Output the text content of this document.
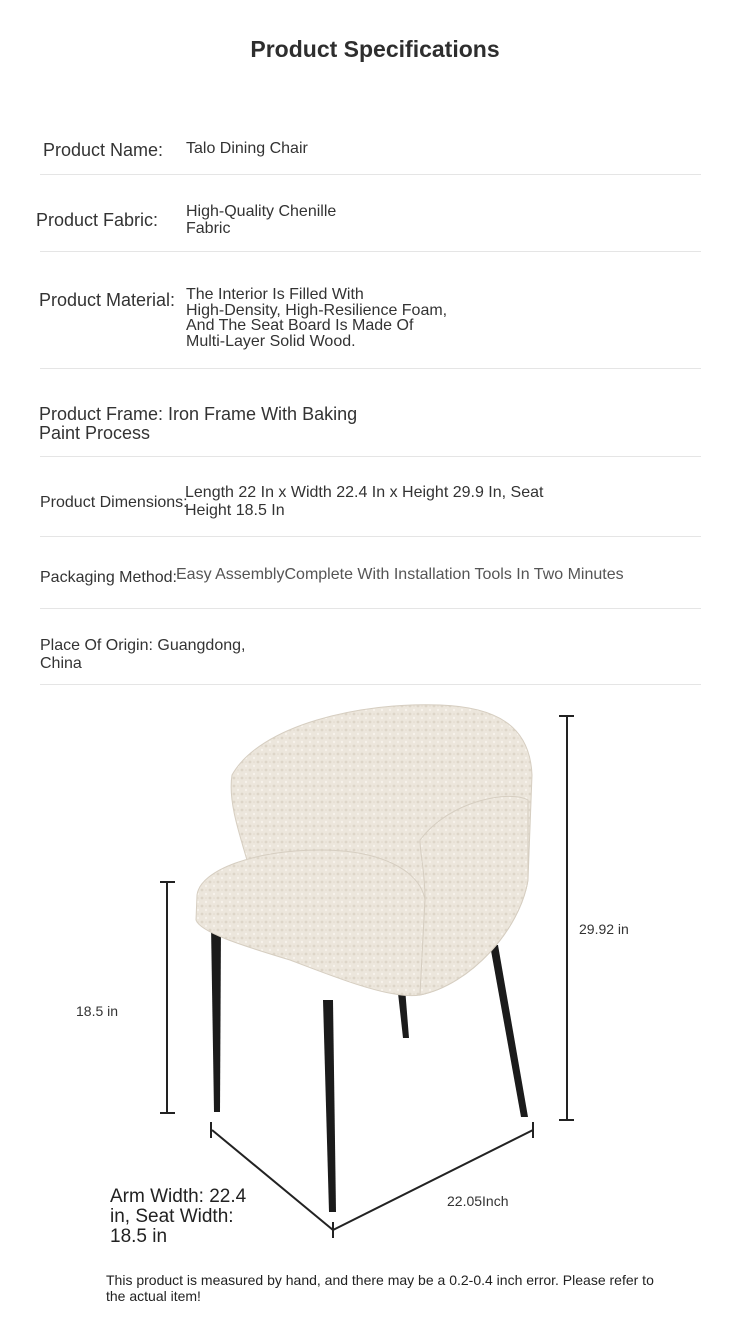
Product Specifications
Product Name: Talo Dining Chair
Product Fabric: High-Quality Chenille
Fabric
Product Material: The Interior Is Filled With
High-Density, High-Resilience Foam,
And The Seat Board Is Made Of
Multi-Layer Solid Wood.
Product Frame: Iron Frame With Baking
Paint Process
Product Dimensions:
Length 22 In x Width 22.4 In x Height 29.9 In, Seat
Height 18.5 In
Packaging Method: Easy AssemblyComplete With Installation Tools In Two Minutes
Place Of Origin: Guangdong,
China
18.5 in
29.92 in
22.05Inch
Arm Width: 22.4
in, Seat Width:
18.5 in
This product is measured by hand, and there may be a 0.2-0.4 inch error. Please refer to the actual item!
